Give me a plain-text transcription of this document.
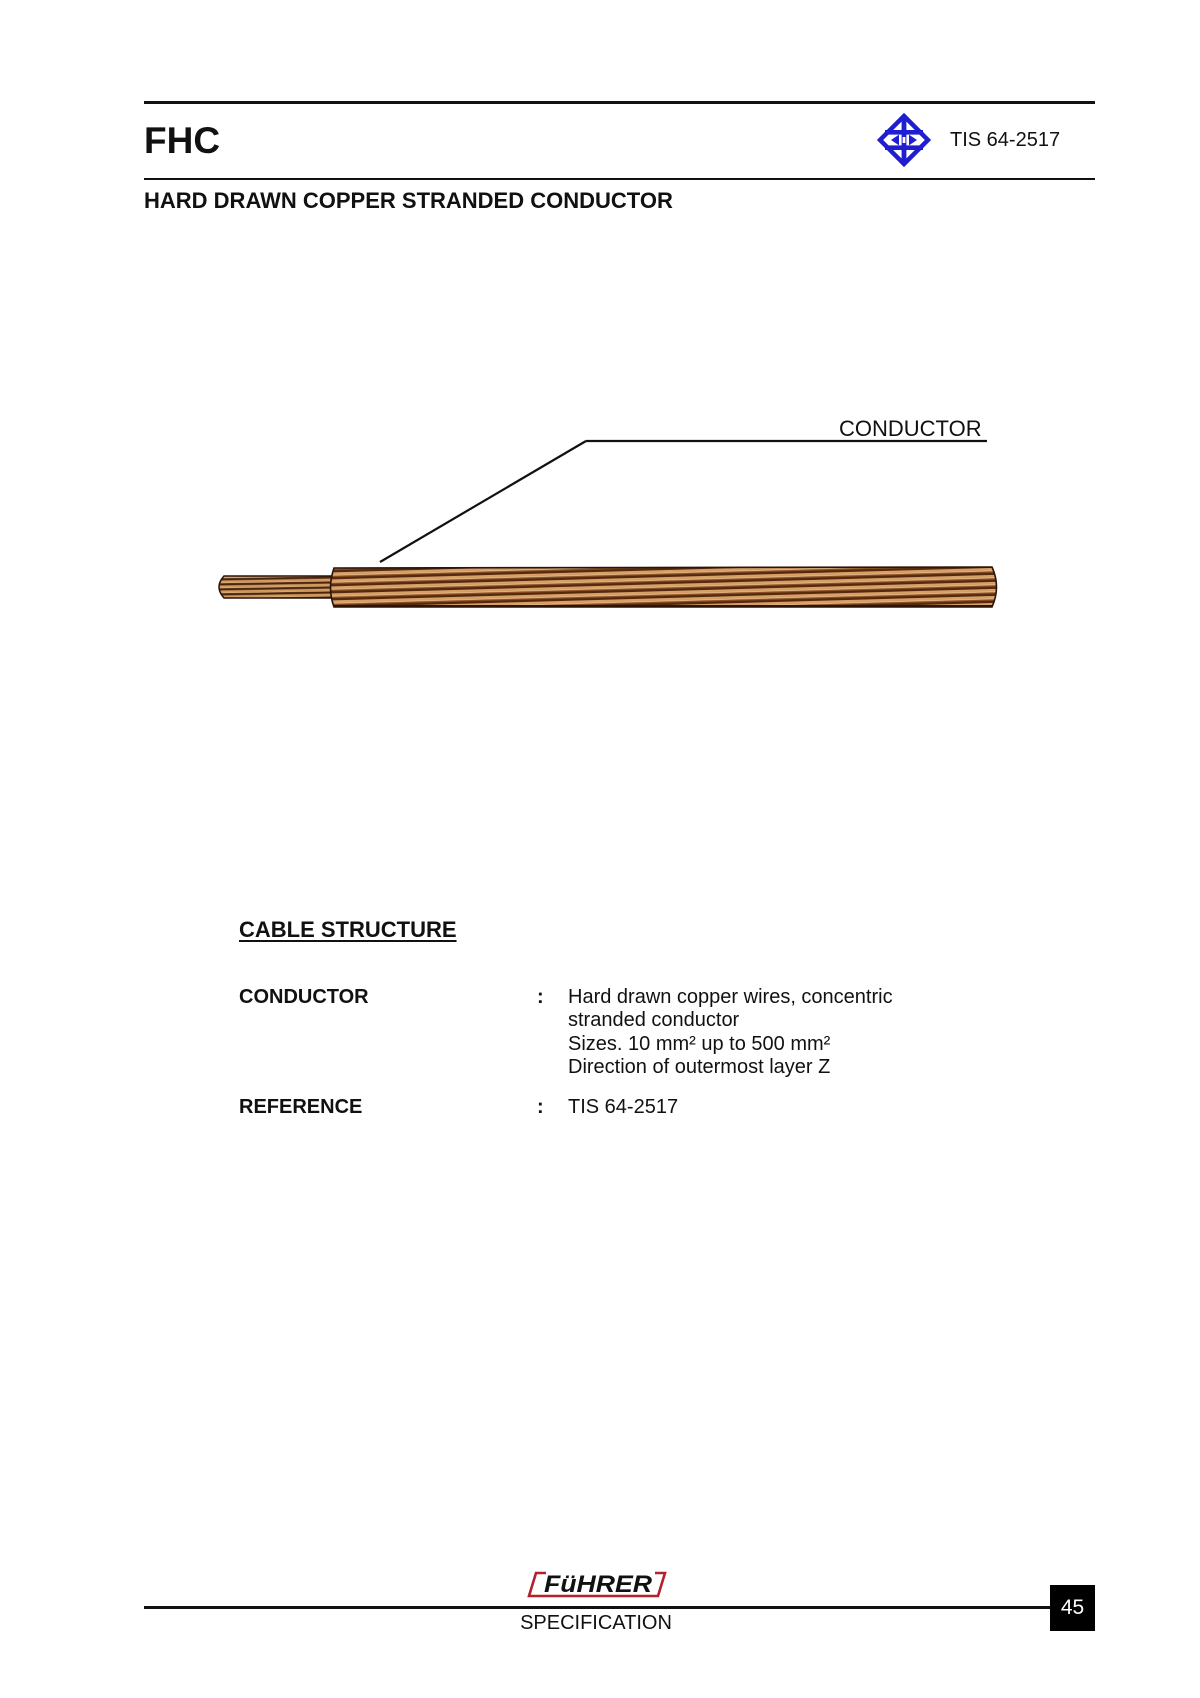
FHC	TIS 64-2517
HARD DRAWN COPPER STRANDED CONDUCTOR
CONDUCTOR
CABLE STRUCTURE
CONDUCTOR	: Hard drawn copper wires, concentric
stranded conductor
Sizes. 10 mm² up to 500 mm²
Direction of outermost layer Z
REFERENCE	: TIS 64-2517
FüHRER
45
SPECIFICATION
